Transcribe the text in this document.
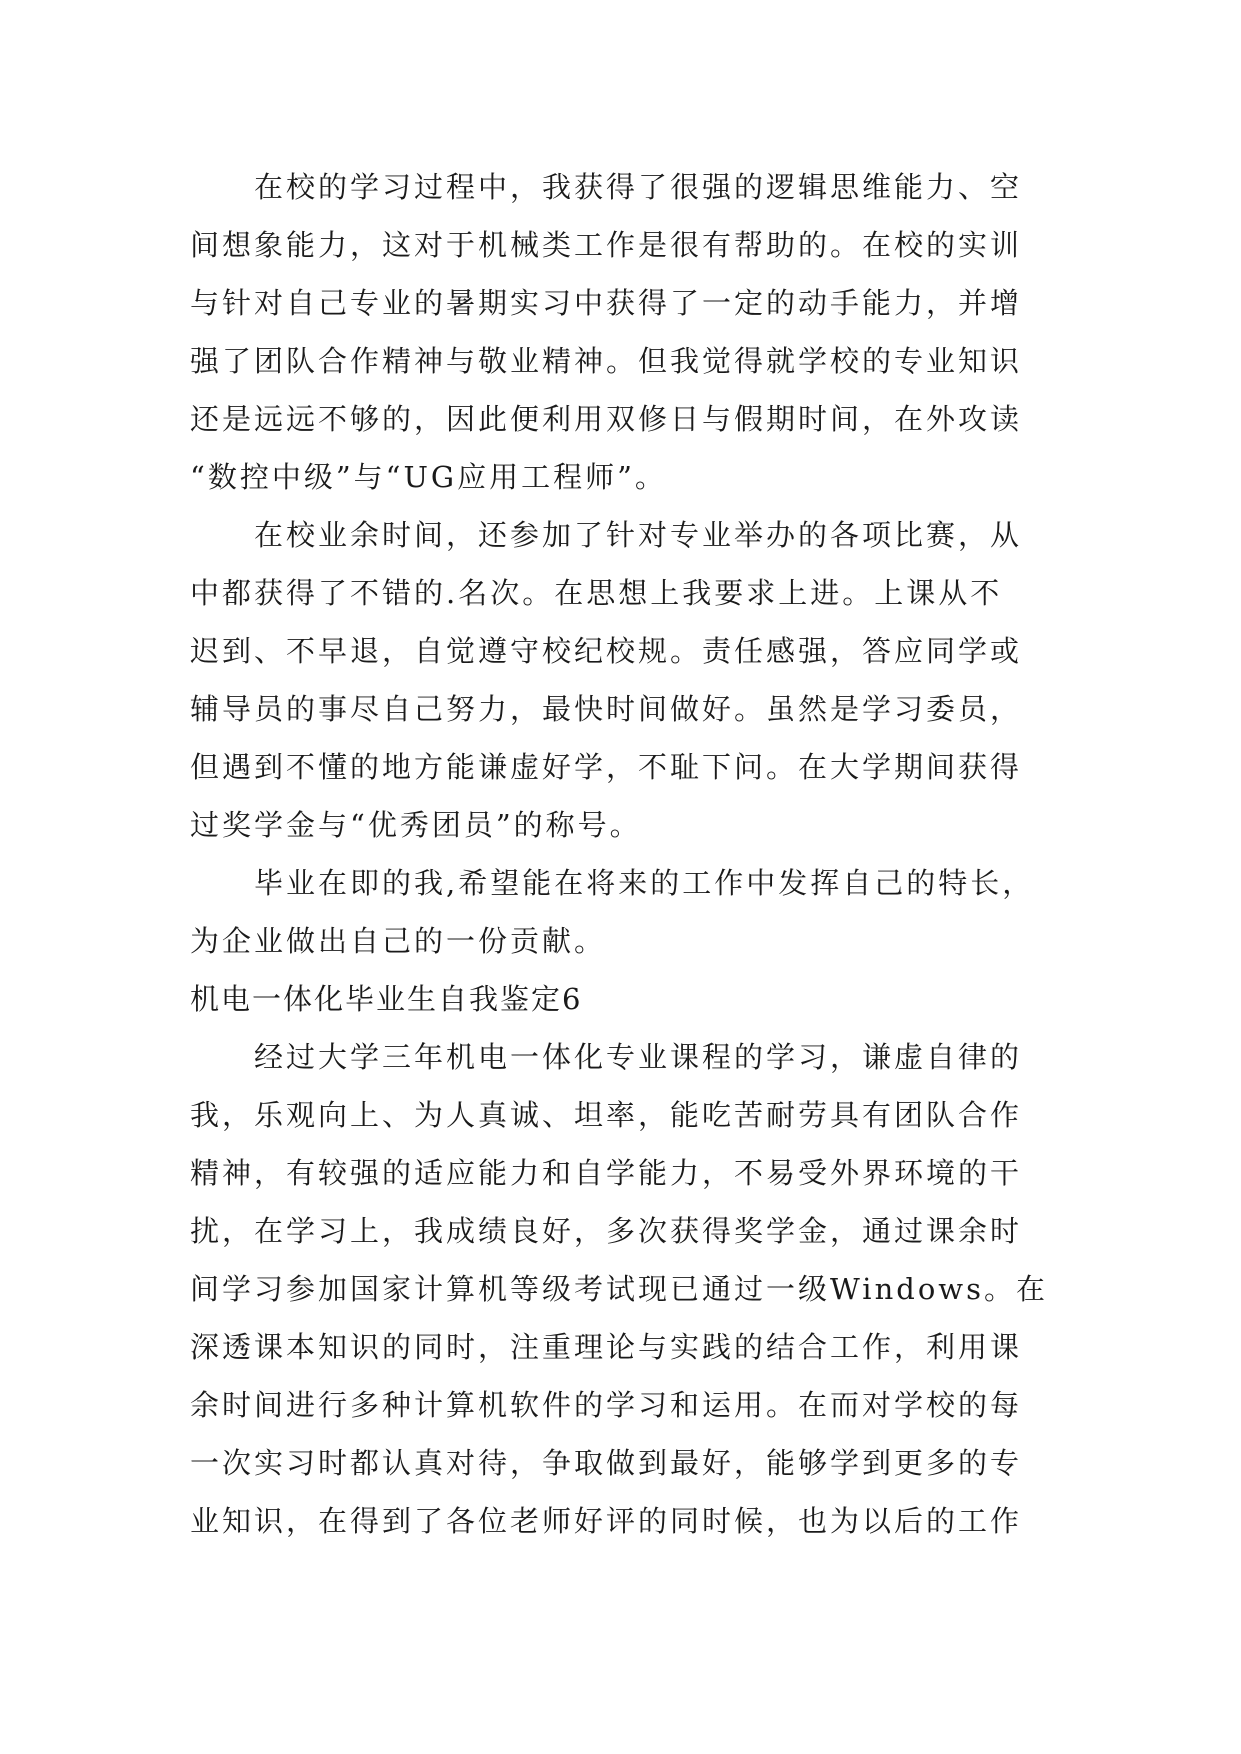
在校的学习过程中，我获得了很强的逻辑思维能力、空
间想象能力，这对于机械类工作是很有帮助的。在校的实训
与针对自己专业的暑期实习中获得了一定的动手能力，并增
强了团队合作精神与敬业精神。但我觉得就学校的专业知识
还是远远不够的，因此便利用双修日与假期时间，在外攻读
“数控中级”与“UG应用工程师”。
在校业余时间，还参加了针对专业举办的各项比赛，从
中都获得了不错的.名次。在思想上我要求上进。上课从不
迟到、不早退，自觉遵守校纪校规。责任感强，答应同学或
辅导员的事尽自己努力，最快时间做好。虽然是学习委员，
但遇到不懂的地方能谦虚好学，不耻下问。在大学期间获得
过奖学金与“优秀团员”的称号。
毕业在即的我,希望能在将来的工作中发挥自己的特长，
为企业做出自己的一份贡献。
机电一体化毕业生自我鉴定6
经过大学三年机电一体化专业课程的学习，谦虚自律的
我，乐观向上、为人真诚、坦率，能吃苦耐劳具有团队合作
精神，有较强的适应能力和自学能力，不易受外界环境的干
扰，在学习上，我成绩良好，多次获得奖学金，通过课余时
间学习参加国家计算机等级考试现已通过一级Windows。在
深透课本知识的同时，注重理论与实践的结合工作，利用课
余时间进行多种计算机软件的学习和运用。在而对学校的每
一次实习时都认真对待，争取做到最好，能够学到更多的专
业知识，在得到了各位老师好评的同时候，也为以后的工作
